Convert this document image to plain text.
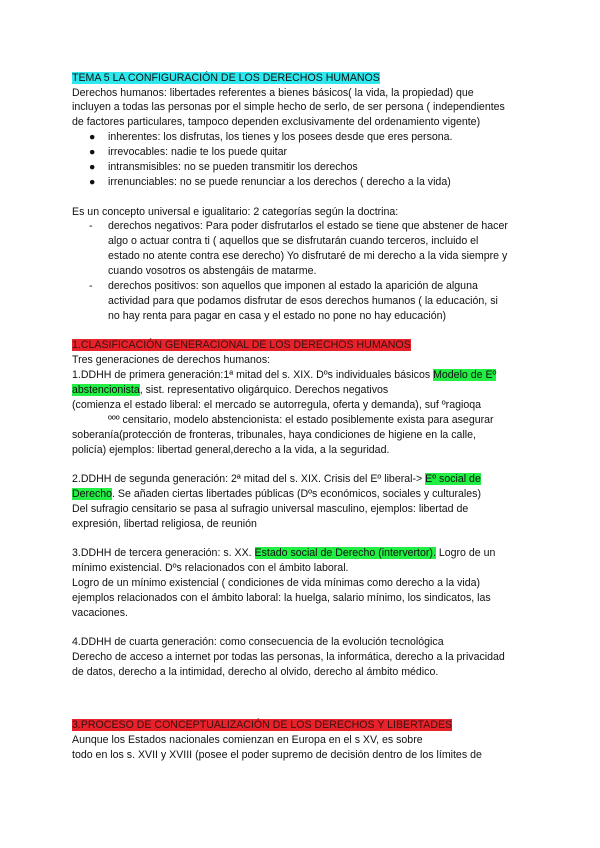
TEMA 5 LA CONFIGURACIÓN DE LOS DERECHOS HUMANOS
Derechos humanos: libertades referentes a bienes básicos( la vida, la propiedad) que
incluyen a todas las personas por el simple hecho de serlo, de ser persona ( independientes
de factores particulares, tampoco dependen exclusivamente del ordenamiento vigente)
● inherentes: los disfrutas, los tienes y los posees desde que eres persona.
● irrevocables: nadie te los puede quitar
● intransmisibles: no se pueden transmitir los derechos
● irrenunciables: no se puede renunciar a los derechos ( derecho a la vida)
Es un concepto universal e igualitario: 2 categorías según la doctrina:
- derechos negativos: Para poder disfrutarlos el estado se tiene que abstener de hacer
algo o actuar contra ti ( aquellos que se disfrutarán cuando terceros, incluido el
estado no atente contra ese derecho) Yo disfrutaré de mi derecho a la vida siempre y
cuando vosotros os abstengáis de matarme.
- derechos positivos: son aquellos que imponen al estado la aparición de alguna
actividad para que podamos disfrutar de esos derechos humanos ( la educación, si
no hay renta para pagar en casa y el estado no pone no hay educación)
1.CLASIFICACIÓN GENERACIONAL DE LOS DERECHOS HUMANOS
Tres generaciones de derechos humanos:
1.DDHH de primera generación:1ª mitad del s. XIX. Dºs individuales básicos Modelo de Eº
abstencionista, sist. representativo oligárquico. Derechos negativos
(comienza el estado liberal: el mercado se autorregula, oferta y demanda), suf ºragioqa
ººº censitario, modelo abstencionista: el estado posiblemente exista para asegurar
soberanía(protección de fronteras, tribunales, haya condiciones de higiene en la calle,
policía) ejemplos: libertad general,derecho a la vida, a la seguridad.
2.DDHH de segunda generación: 2ª mitad del s. XIX. Crisis del Eº liberal-> Eº social de
Derecho. Se añaden ciertas libertades públicas (Dºs económicos, sociales y culturales)
Del sufragio censitario se pasa al sufragio universal masculino, ejemplos: libertad de
expresión, libertad religiosa, de reunión
3.DDHH de tercera generación: s. XX. Estado social de Derecho (intervertor). Logro de un
mínimo existencial. Dºs relacionados con el ámbito laboral.
Logro de un mínimo existencial ( condiciones de vida mínimas como derecho a la vida)
ejemplos relacionados con el ámbito laboral: la huelga, salario mínimo, los sindicatos, las
vacaciones.
4.DDHH de cuarta generación: como consecuencia de la evolución tecnológica
Derecho de acceso a internet por todas las personas, la informática, derecho a la privacidad
de datos, derecho a la intimidad, derecho al olvido, derecho al ámbito médico.
3.PROCESO DE CONCEPTUALIZACIÓN DE LOS DERECHOS Y LIBERTADES
Aunque los Estados nacionales comienzan en Europa en el s XV, es sobre
todo en los s. XVII y XVIII (posee el poder supremo de decisión dentro de los límites de
